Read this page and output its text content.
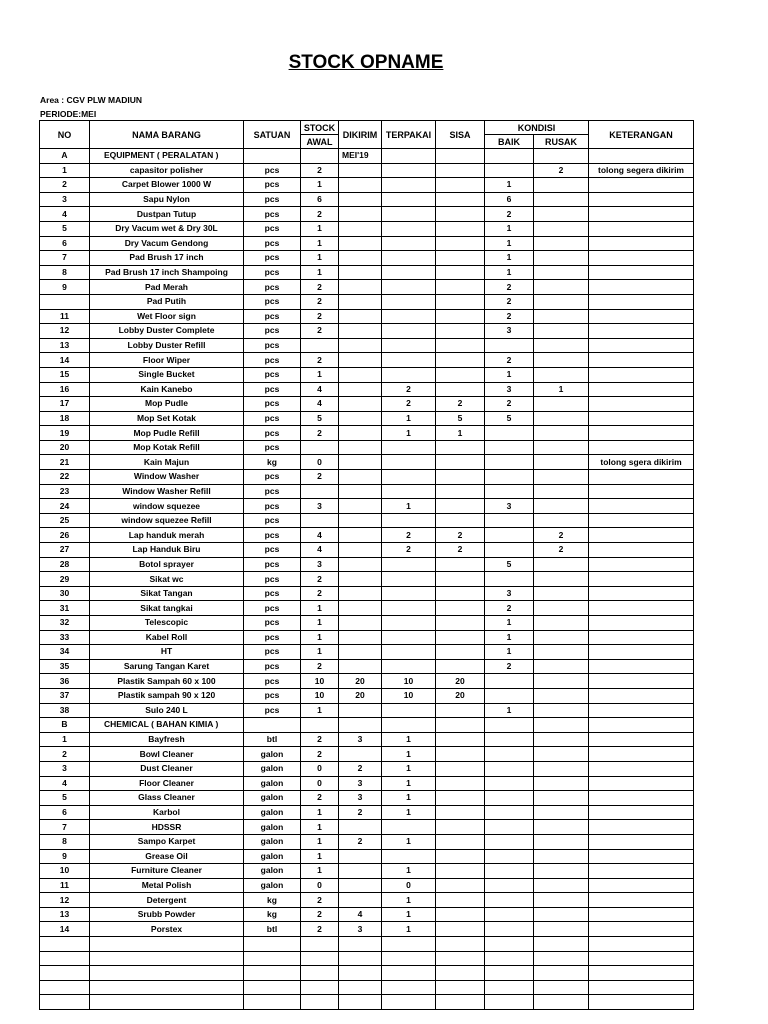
STOCK OPNAME
Area : CGV PLW MADIUN
PERIODE:MEI
NO	NAMA BARANG	SATUAN	STOCK	DIKIRIM	TERPAKAI	SISA	KONDISI		KETERANGAN
			AWAL				BAIK	RUSAK	
A	EQUIPMENT ( PERALATAN )			MEI'19					
1	capasitor polisher	pcs	2					2	tolong segera dikirim
2	Carpet Blower 1000 W	pcs	1				1		
3	Sapu Nylon	pcs	6				6		
4	Dustpan Tutup	pcs	2				2		
5	Dry Vacum wet & Dry 30L	pcs	1				1		
6	Dry Vacum Gendong	pcs	1				1		
7	Pad Brush 17 inch	pcs	1				1		
8	Pad Brush 17 inch Shampoing	pcs	1				1		
9	Pad Merah	pcs	2				2		
	Pad Putih	pcs	2				2		
11	Wet Floor sign	pcs	2				2		
12	Lobby Duster Complete	pcs	2				3		
13	Lobby Duster Refill	pcs							
14	Floor Wiper	pcs	2				2		
15	Single Bucket	pcs	1				1		
16	Kain Kanebo	pcs	4		2		3	1	
17	Mop Pudle	pcs	4		2	2	2		
18	Mop Set Kotak	pcs	5		1	5	5		
19	Mop Pudle Refill	pcs	2		1	1			
20	Mop Kotak Refill	pcs							
21	Kain Majun	kg	0						tolong sgera dikirim
22	Window Washer	pcs	2						
23	Window Washer Refill	pcs							
24	window squezee	pcs	3		1		3		
25	window squezee Refill	pcs							
26	Lap handuk merah	pcs	4		2	2		2	
27	Lap Handuk Biru	pcs	4		2	2		2	
28	Botol sprayer	pcs	3				5		
29	Sikat wc	pcs	2						
30	Sikat Tangan	pcs	2				3		
31	Sikat tangkai	pcs	1				2		
32	Telescopic	pcs	1				1		
33	Kabel Roll	pcs	1				1		
34	HT	pcs	1				1		
35	Sarung Tangan Karet	pcs	2				2		
36	Plastik Sampah 60 x 100	pcs	10	20	10	20			
37	Plastik sampah 90 x 120	pcs	10	20	10	20			
38	Sulo 240 L	pcs	1				1		
B	CHEMICAL ( BAHAN KIMIA )								
1	Bayfresh	btl	2	3	1				
2	Bowl Cleaner	galon	2		1				
3	Dust Cleaner	galon	0	2	1				
4	Floor Cleaner	galon	0	3	1				
5	Glass Cleaner	galon	2	3	1				
6	Karbol	galon	1	2	1				
7	HDSSR	galon	1						
8	Sampo Karpet	galon	1	2	1				
9	Grease Oil	galon	1						
10	Furniture Cleaner	galon	1		1				
11	Metal Polish	galon	0		0				
12	Detergent	kg	2		1				
13	Srubb Powder	kg	2	4	1				
14	Porstex	btl	2	3	1				
